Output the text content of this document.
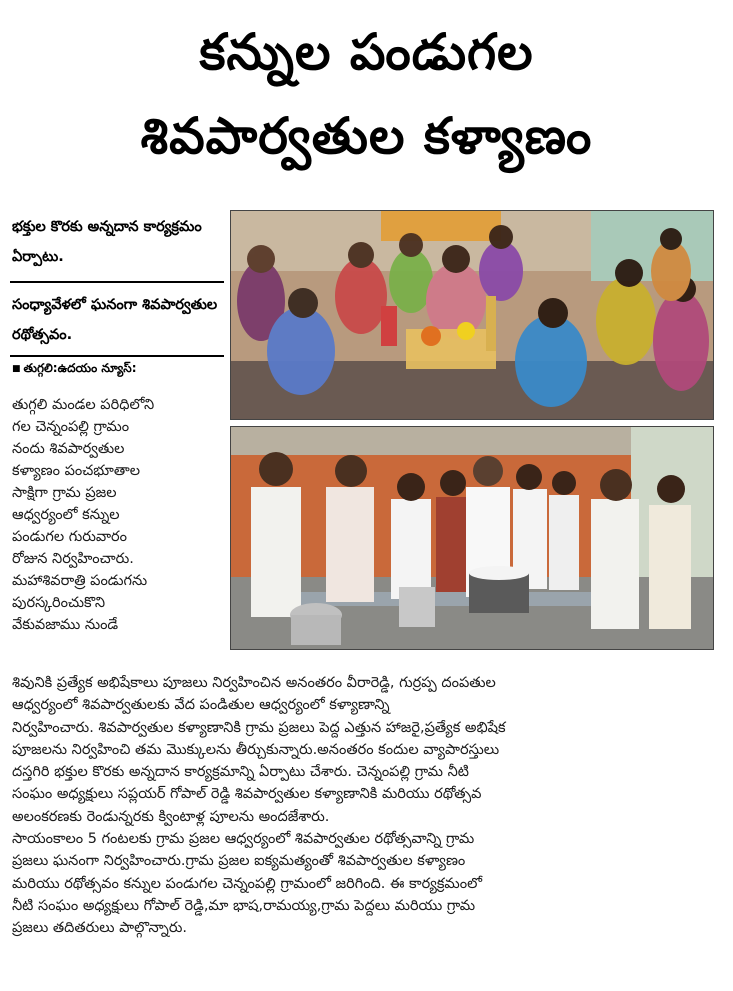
కన్నుల పండుగల
శివపార్వతుల కళ్యాణం
భక్తుల కొరకు అన్నదాన కార్యక్రమం ఏర్పాటు.
సంధ్యావేళలో ఘనంగా శివపార్వతుల రథోత్సవం.
■ తుగ్గలి:ఉదయం న్యూస్:
తుగ్గలి మండల పరిధిలోని
గల చెన్నంపల్లి గ్రామం
నందు శివపార్వతుల
కళ్యాణం పంచభూతాల
సాక్షిగా గ్రామ ప్రజల
ఆధ్వర్యంలో కన్నుల
పండుగల గురువారం
రోజున నిర్వహించారు.
మహాశివరాత్రి పండుగను
పురస్కరించుకొని
వేకువజాము నుండే
శివునికి ప్రత్యేక అభిషేకాలు పూజలు నిర్వహించిన అనంతరం వీరారెడ్డి, గుర్రప్ప దంపతుల
ఆధ్వర్యంలో శివపార్వతులకు వేద పండితుల ఆధ్వర్యంలో కళ్యాణాన్ని
నిర్వహించారు. శివపార్వతుల కళ్యాణానికి గ్రామ ప్రజలు పెద్ద ఎత్తున హాజరై,ప్రత్యేక అభిషేక
పూజలను నిర్వహించి తమ మొక్కులను తీర్చుకున్నారు.అనంతరం కందుల వ్యాపారస్తులు
దస్తగిరి భక్తుల కొరకు అన్నదాన కార్యక్రమాన్ని ఏర్పాటు చేశారు. చెన్నంపల్లి గ్రామ నీటి
సంఘం అధ్యక్షులు సప్లయర్ గోపాల్ రెడ్డి శివపార్వతుల కళ్యాణానికి మరియు రథోత్సవ
అలంకరణకు రెండున్నరకు క్వింటాళ్ల పూలను అందజేశారు.
సాయంకాలం 5 గంటలకు గ్రామ ప్రజల ఆధ్వర్యంలో శివపార్వతుల రథోత్సవాన్ని గ్రామ
ప్రజలు ఘనంగా నిర్వహించారు.గ్రామ ప్రజల ఐక్యమత్యంతో శివపార్వతుల కళ్యాణం
మరియు రథోత్సవం కన్నుల పండుగల చెన్నంపల్లి గ్రామంలో జరిగింది. ఈ కార్యక్రమంలో
నీటి సంఘం అధ్యక్షులు గోపాల్ రెడ్డి,మా భాష,రామయ్య,గ్రామ పెద్దలు మరియు గ్రామ
ప్రజలు తదితరులు పాల్గొన్నారు.
